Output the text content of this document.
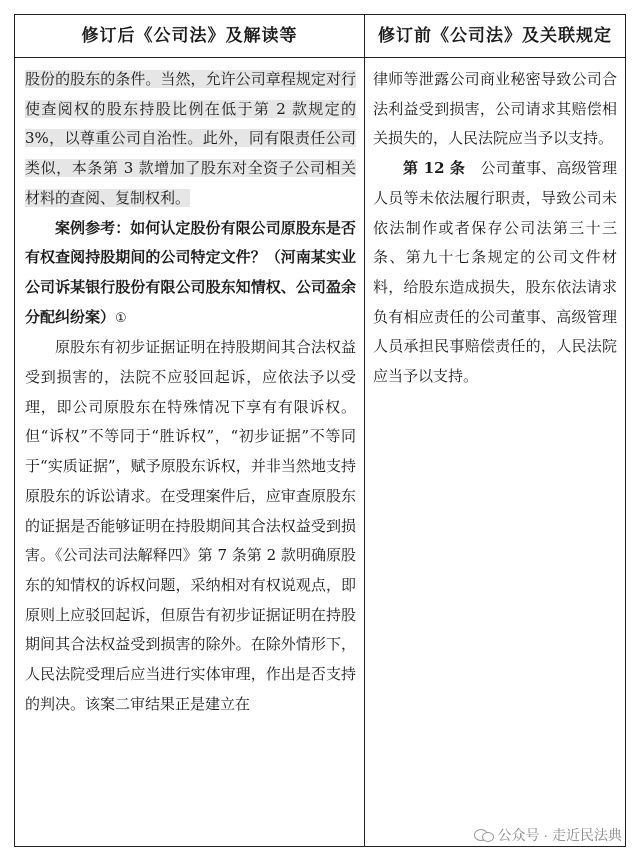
修订后《公司法》及解读等	修订前《公司法》及关联规定

股份的股东的条件。当然，允许公司章程规定对行使查阅权的股东持股比例在低于第 2 款规定的 3%，以尊重公司自治性。此外，同有限责任公司类似，本条第 3 款增加了股东对全资子公司相关材料的查阅、复制权利。

案例参考：如何认定股份有限公司原股东是否有权查阅持股期间的公司特定文件？（河南某实业公司诉某银行股份有限公司股东知情权、公司盈余分配纠纷案）①

原股东有初步证据证明在持股期间其合法权益受到损害的，法院不应驳回起诉，应依法予以受理，即公司原股东在特殊情况下享有有限诉权。但“诉权”不等同于“胜诉权”，“初步证据”不等同于“实质证据”，赋予原股东诉权，并非当然地支持原股东的诉讼请求。在受理案件后，应审查原股东的证据是否能够证明在持股期间其合法权益受到损害。《公司法司法解释四》第 7 条第 2 款明确原股东的知情权的诉权问题，采纳相对有权说观点，即原则上应驳回起诉，但原告有初步证据证明在持股期间其合法权益受到损害的除外。在除外情形下，人民法院受理后应当进行实体审理，作出是否支持的判决。该案二审结果正是建立在

律师等泄露公司商业秘密导致公司合法利益受到损害，公司请求其赔偿相关损失的，人民法院应当予以支持。

第 12 条　 公司董事、高级管理人员等未依法履行职责，导致公司未依法制作或者保存公司法第三十三条、第九十七条规定的公司文件材料，给股东造成损失，股东依法请求负有相应责任的公司董事、高级管理人员承担民事赔偿责任的，人民法院应当予以支持。

公众号 · 走近民法典
